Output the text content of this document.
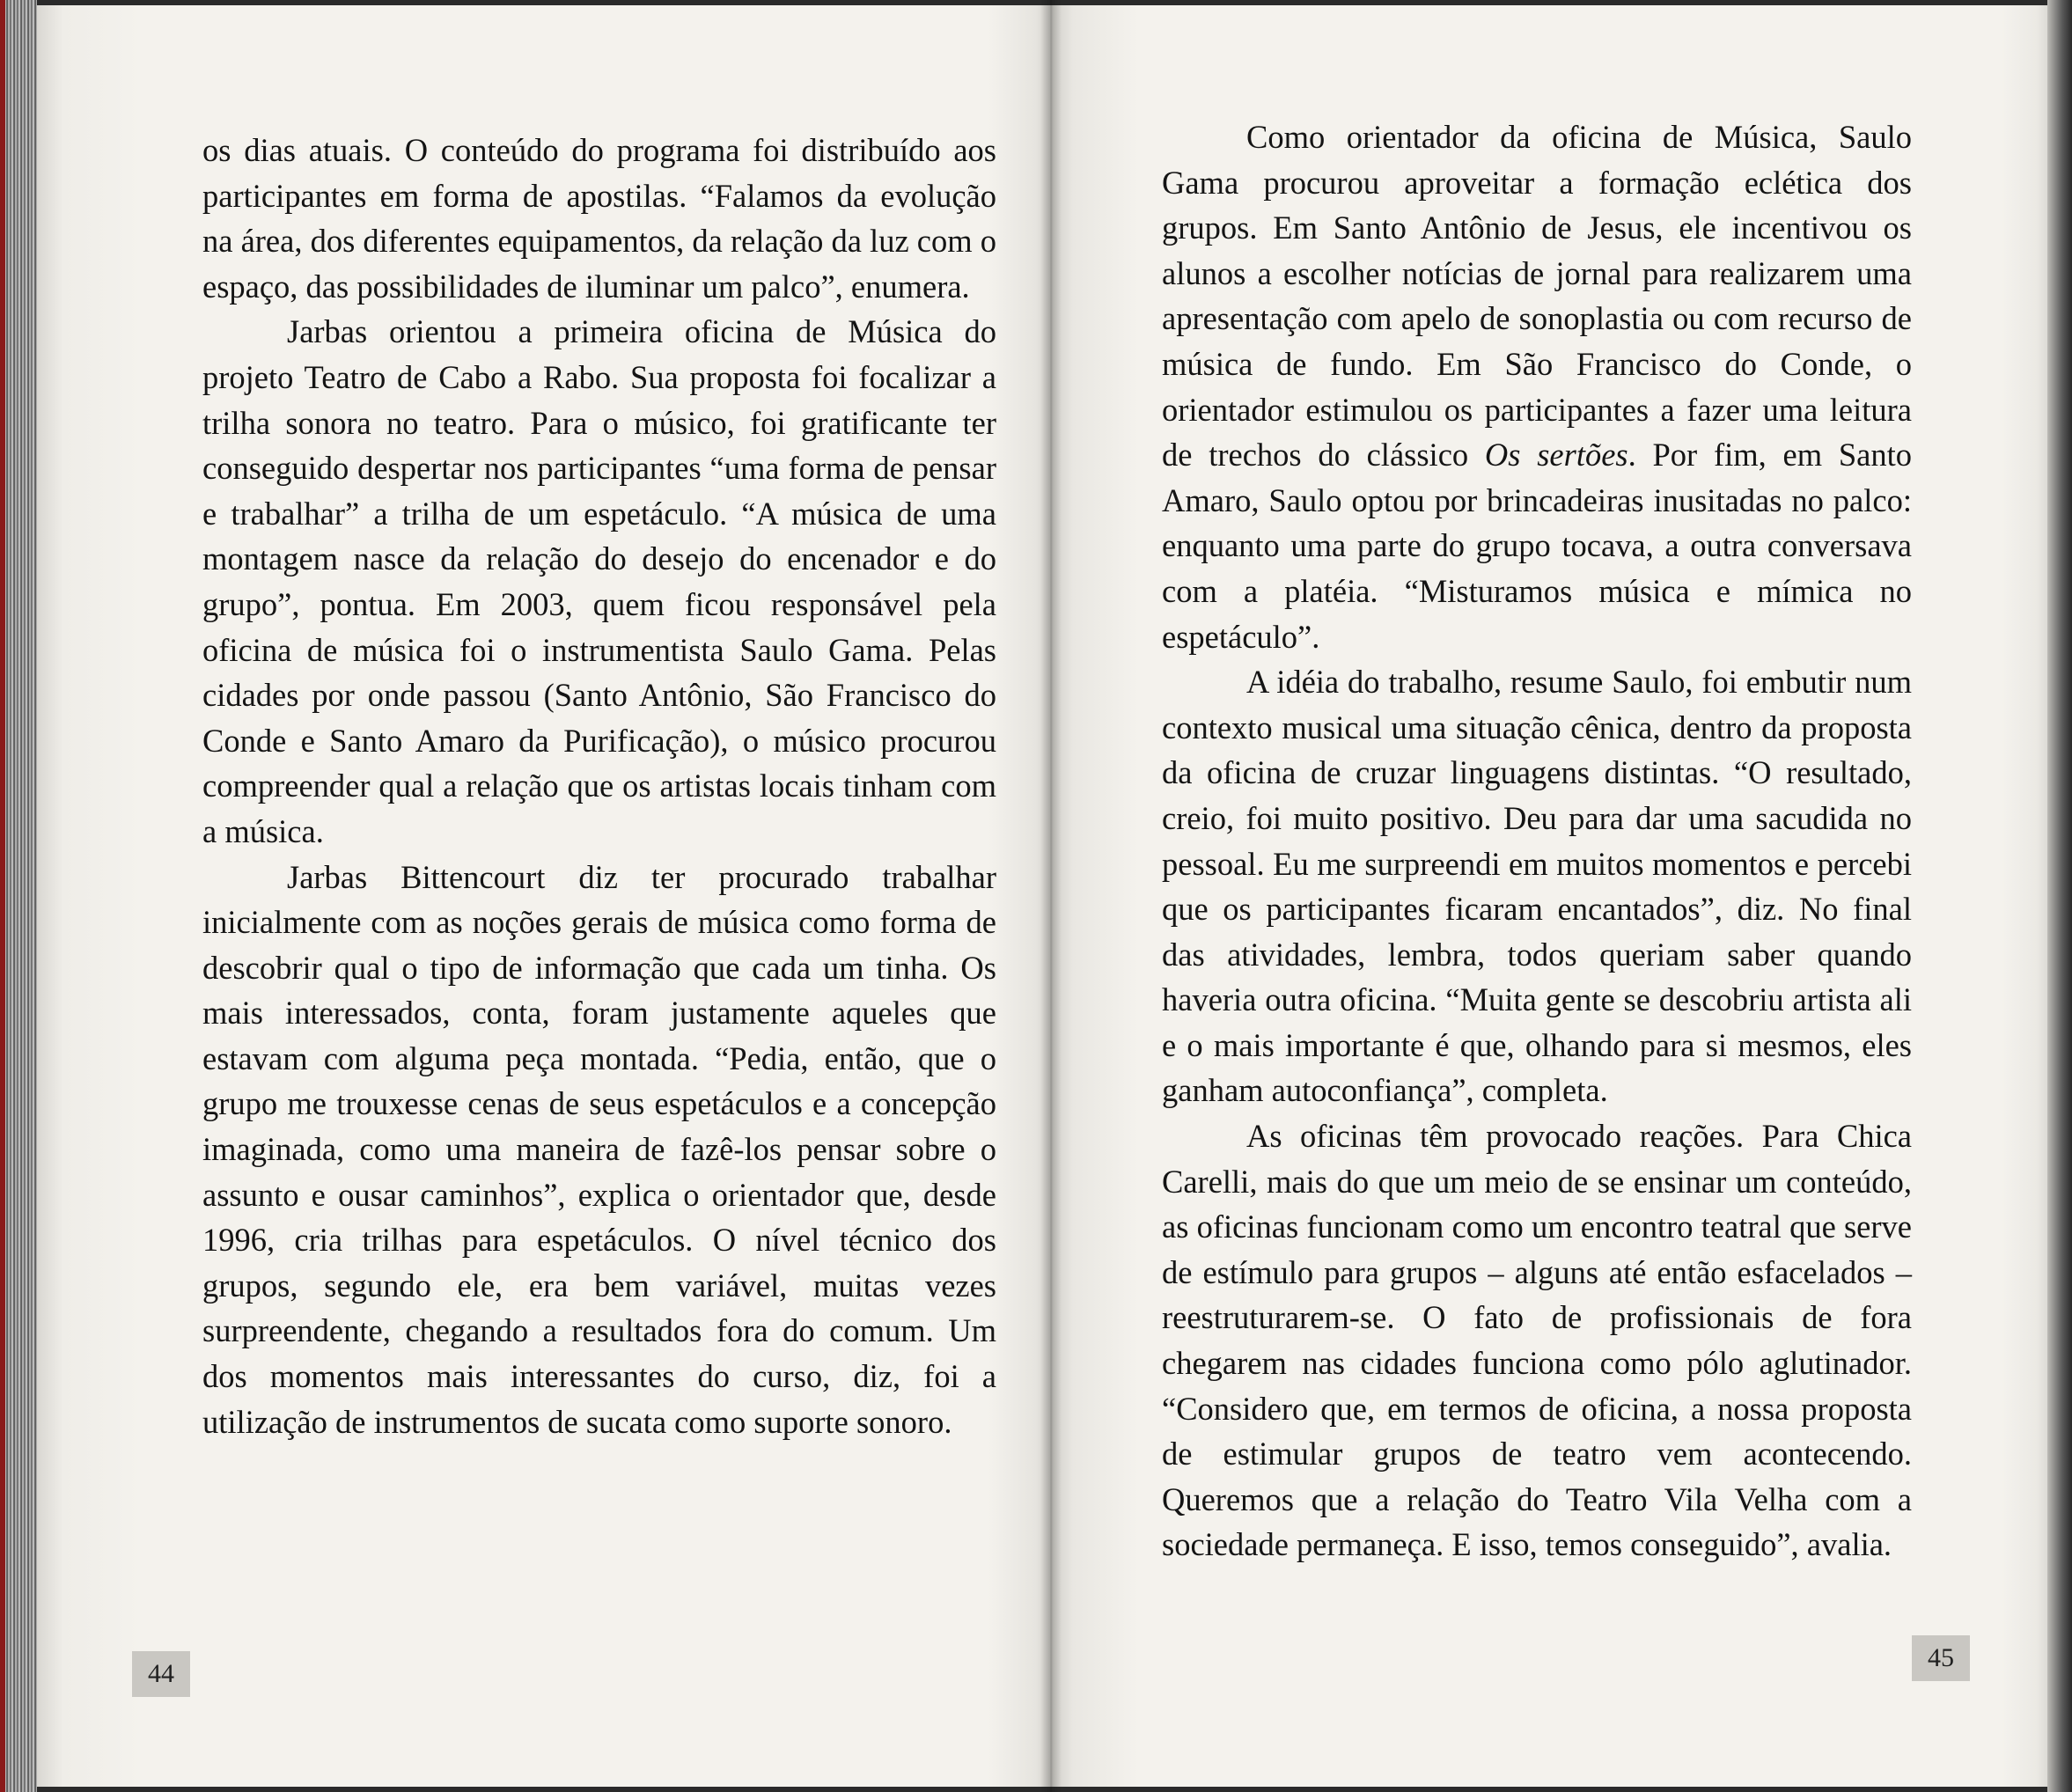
os dias atuais. O conteúdo do programa foi distribuído aos participantes em forma de apostilas. “Falamos da evolução na área, dos diferentes equipamentos, da relação da luz com o espaço, das possibilidades de iluminar um palco”, enumera.

Jarbas orientou a primeira oficina de Música do projeto Teatro de Cabo a Rabo. Sua proposta foi focalizar a trilha sonora no teatro. Para o músico, foi gratificante ter conseguido despertar nos participantes “uma forma de pensar e trabalhar” a trilha de um espetáculo. “A música de uma montagem nasce da relação do desejo do encenador e do grupo”, pontua. Em 2003, quem ficou responsável pela oficina de música foi o instrumentista Saulo Gama. Pelas cidades por onde passou (Santo Antônio, São Francisco do Conde e Santo Amaro da Purificação), o músico procurou compreender qual a relação que os artistas locais tinham com a música.

Jarbas Bittencourt diz ter procurado trabalhar inicialmente com as noções gerais de música como forma de descobrir qual o tipo de informação que cada um tinha. Os mais interessados, conta, foram justamente aqueles que estavam com alguma peça montada. “Pedia, então, que o grupo me trouxesse cenas de seus espetáculos e a concepção imaginada, como uma maneira de fazê-los pensar sobre o assunto e ousar caminhos”, explica o orientador que, desde 1996, cria trilhas para espetáculos. O nível técnico dos grupos, segundo ele, era bem variável, muitas vezes surpreendente, chegando a resultados fora do comum. Um dos momentos mais interessantes do curso, diz, foi a utilização de instrumentos de sucata como suporte sonoro.

44

Como orientador da oficina de Música, Saulo Gama procurou aproveitar a formação eclética dos grupos. Em Santo Antônio de Jesus, ele incentivou os alunos a escolher notícias de jornal para realizarem uma apresentação com apelo de sonoplastia ou com recurso de música de fundo. Em São Francisco do Conde, o orientador estimulou os participantes a fazer uma leitura de trechos do clássico Os sertões. Por fim, em Santo Amaro, Saulo optou por brincadeiras inusitadas no palco: enquanto uma parte do grupo tocava, a outra conversava com a platéia. “Misturamos música e mímica no espetáculo”.

A idéia do trabalho, resume Saulo, foi embutir num contexto musical uma situação cênica, dentro da proposta da oficina de cruzar linguagens distintas. “O resultado, creio, foi muito positivo. Deu para dar uma sacudida no pessoal. Eu me surpreendi em muitos momentos e percebi que os participantes ficaram encantados”, diz. No final das atividades, lembra, todos queriam saber quando haveria outra oficina. “Muita gente se descobriu artista ali e o mais importante é que, olhando para si mesmos, eles ganham autoconfiança”, completa.

As oficinas têm provocado reações. Para Chica Carelli, mais do que um meio de se ensinar um conteúdo, as oficinas funcionam como um encontro teatral que serve de estímulo para grupos – alguns até então esfacelados – reestruturarem-se. O fato de profissionais de fora chegarem nas cidades funciona como pólo aglutinador. “Considero que, em termos de oficina, a nossa proposta de estimular grupos de teatro vem acontecendo. Queremos que a relação do Teatro Vila Velha com a sociedade permaneça. E isso, temos conseguido”, avalia.

45
